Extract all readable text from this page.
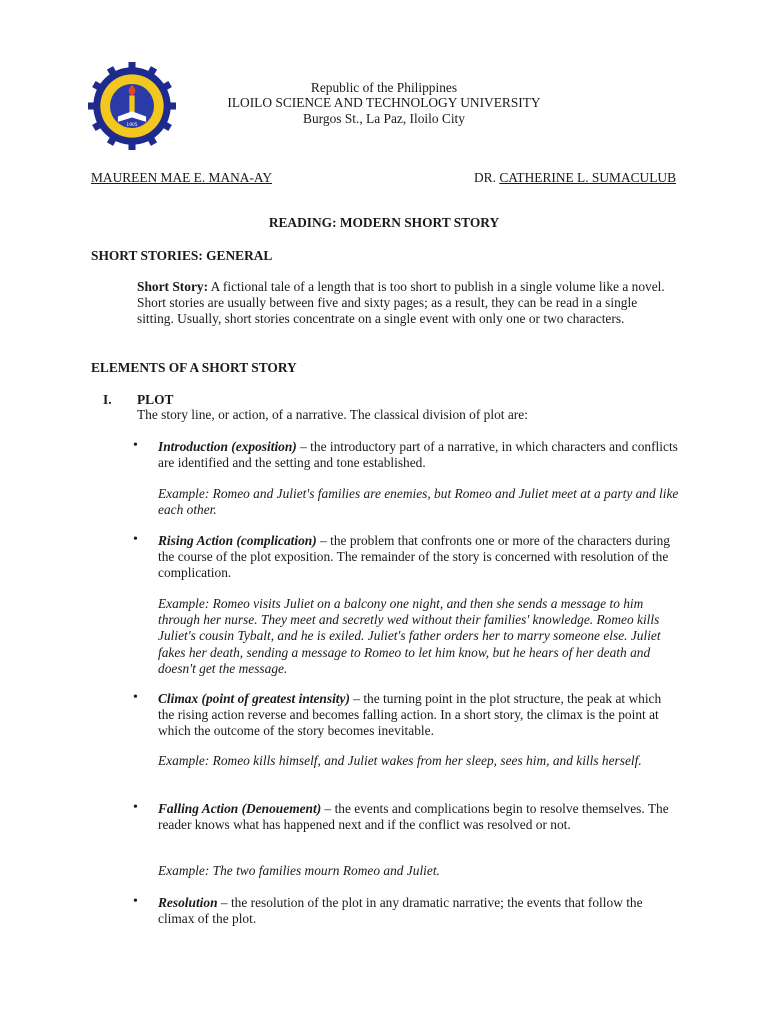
1905
Republic of the Philippines
ILOILO SCIENCE AND TECHNOLOGY UNIVERSITY
Burgos St., La Paz, Iloilo City
MAUREEN MAE E. MANA-AY	DR. CATHERINE L. SUMACULUB
READING: MODERN SHORT STORY
SHORT STORIES: GENERAL
Short Story: A fictional tale of a length that is too short to publish in a single volume like a novel. Short stories are usually between five and sixty pages; as a result, they can be read in a single sitting. Usually, short stories concentrate on a single event with only one or two characters.
ELEMENTS OF A SHORT STORY
I. PLOT
The story line, or action, of a narrative. The classical division of plot are:
• Introduction (exposition) – the introductory part of a narrative, in which characters and conflicts are identified and the setting and tone established.
Example: Romeo and Juliet's families are enemies, but Romeo and Juliet meet at a party and like each other.
• Rising Action (complication) – the problem that confronts one or more of the characters during the course of the plot exposition. The remainder of the story is concerned with resolution of the complication.
Example: Romeo visits Juliet on a balcony one night, and then she sends a message to him through her nurse. They meet and secretly wed without their families' knowledge. Romeo kills Juliet's cousin Tybalt, and he is exiled. Juliet's father orders her to marry someone else. Juliet fakes her death, sending a message to Romeo to let him know, but he hears of her death and doesn't get the message.
• Climax (point of greatest intensity) – the turning point in the plot structure, the peak at which the rising action reverse and becomes falling action. In a short story, the climax is the point at which the outcome of the story becomes inevitable.
Example: Romeo kills himself, and Juliet wakes from her sleep, sees him, and kills herself.
• Falling Action (Denouement) – the events and complications begin to resolve themselves. The reader knows what has happened next and if the conflict was resolved or not.
Example: The two families mourn Romeo and Juliet.
• Resolution – the resolution of the plot in any dramatic narrative; the events that follow the climax of the plot.
